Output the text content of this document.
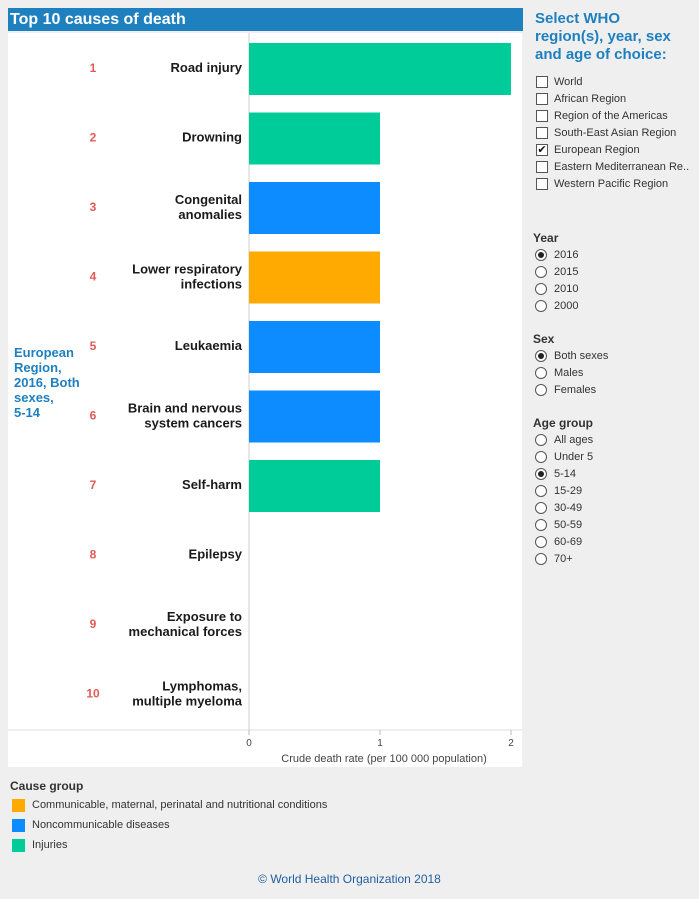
Top 10 causes of death
European Region, 2016, Both sexes, 5-14
1	Road injury
2	Drowning
3	Congenital anomalies
4	Lower respiratory infections
5	Leukaemia
6 Brain and nervous system cancers
7	Self-harm
8	Epilepsy
9	Exposure to mechanical forces
10	Lymphomas, multiple myeloma
0	1	2
Crude death rate (per 100 000 population)
Select WHO
region(s), year, sex
and age of choice:
World
African Region
Region of the Americas
South-East Asian Region
✔ European Region
Eastern Mediterranean Re..
Western Pacific Region
Year
2016
2015
2010
2000
Sex
Both sexes
Males
Females
Age group
All ages
Under 5
5-14
15-29
30-49
50-59
60-69
70+
Cause group
Communicable, maternal, perinatal and nutritional conditions
Noncommunicable diseases
Injuries
© World Health Organization 2018
